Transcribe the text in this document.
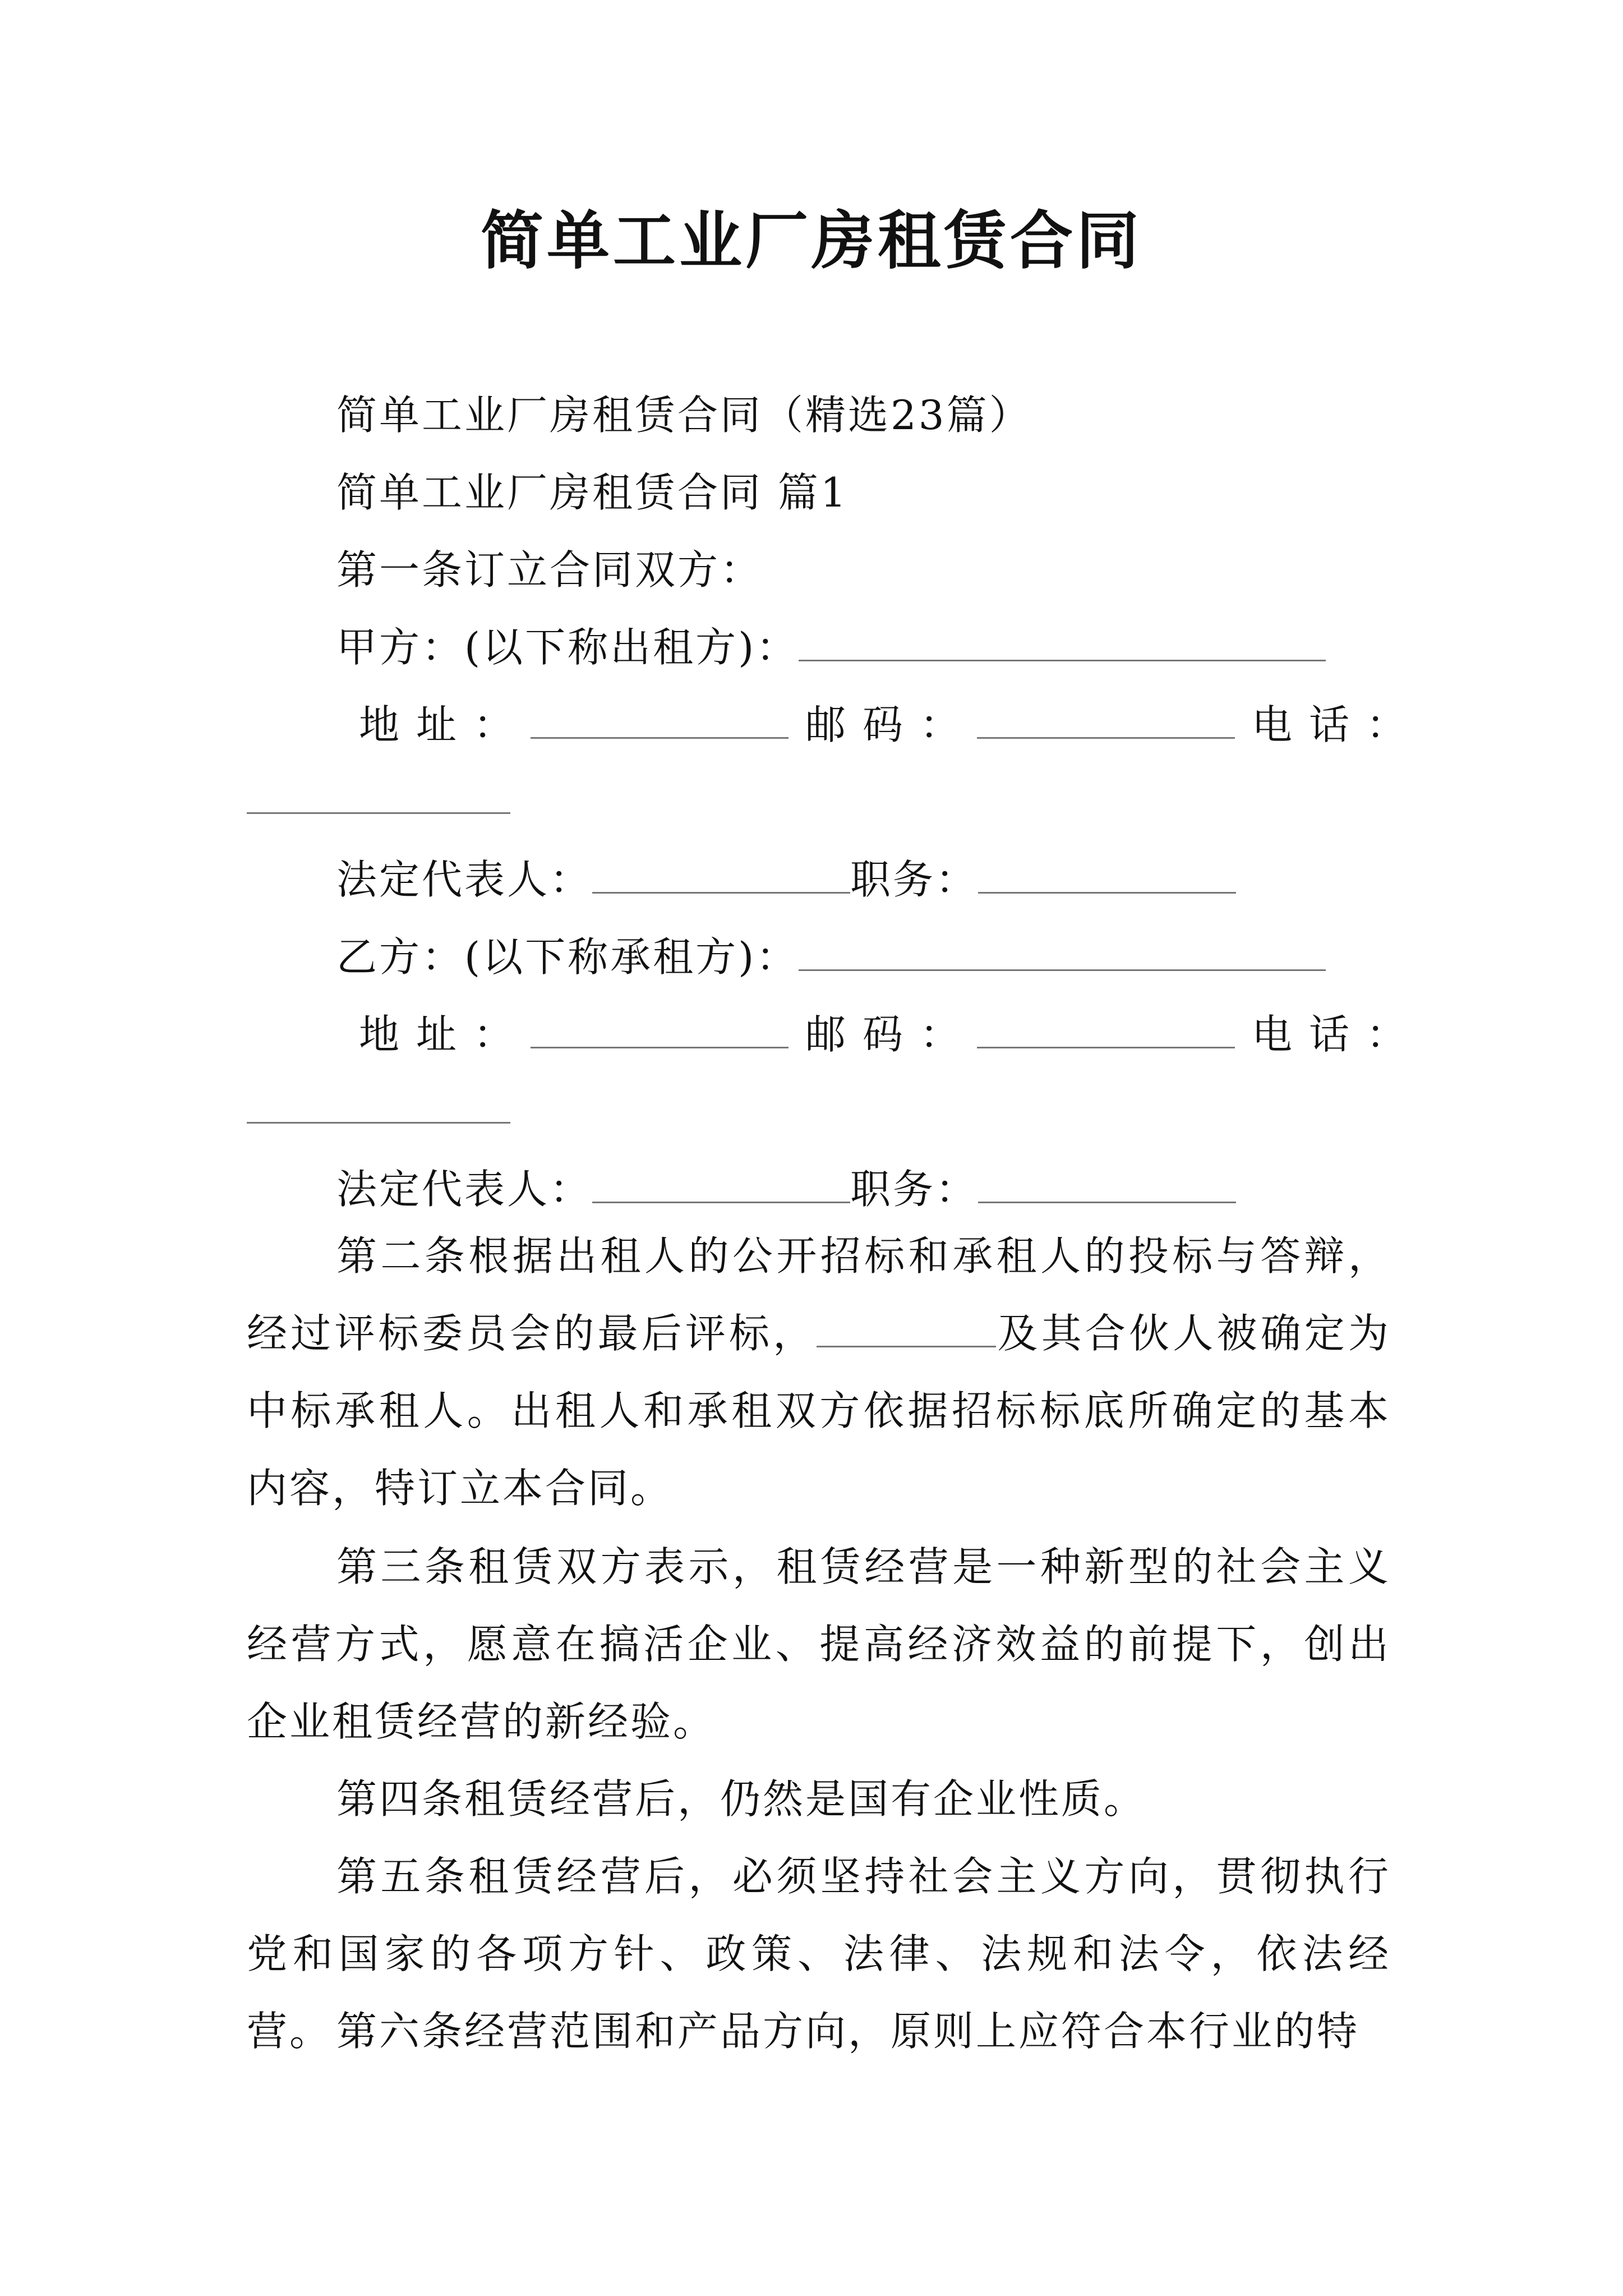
简单工业厂房租赁合同
简单工业厂房租赁合同（精选23篇）
简单工业厂房租赁合同 篇1
第一条订立合同双方：
甲方：(以下称出租方)：
地址：	邮码：	电话：
法定代表人：	职务：
乙方：(以下称承租方)：
地址：	邮码：	电话：
法定代表人：	职务：

第二条根据出租人的公开招标和承租人的投标与答辩，经过评标委员会的最后评标，	及其合伙人被确定为中标承租人。出租人和承租双方依据招标标底所确定的基本内容，特订立本合同。

第三条租赁双方表示，租赁经营是一种新型的社会主义经营方式，愿意在搞活企业、提高经济效益的前提下，创出企业租赁经营的新经验。

第四条租赁经营后，仍然是国有企业性质。

第五条租赁经营后，必须坚持社会主义方向，贯彻执行党和国家的各项方针、政策、法律、法规和法令，依法经营。 第六条经营范围和产品方向，原则上应符合本行业的特
